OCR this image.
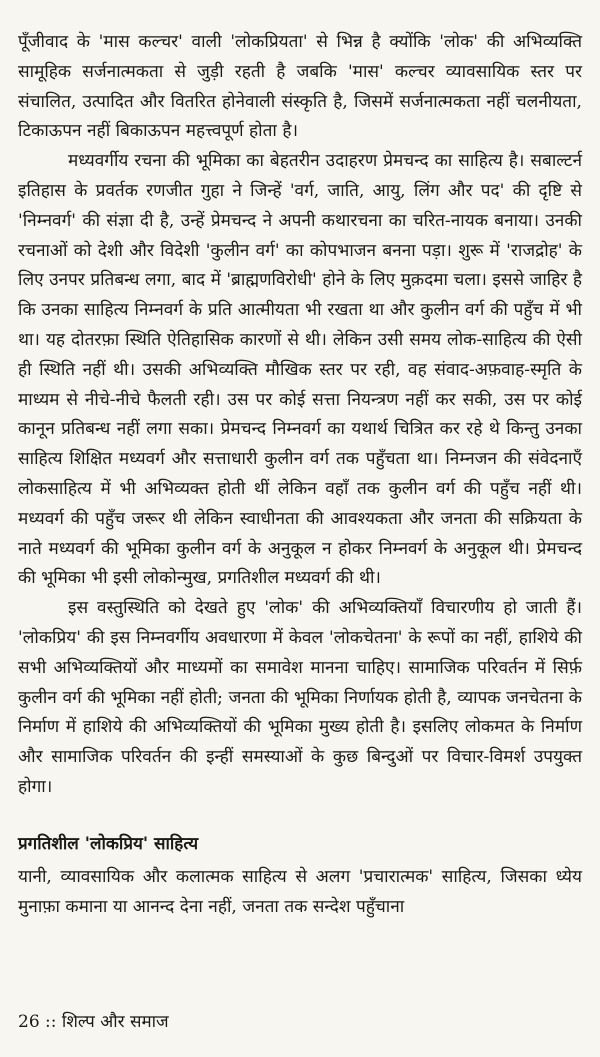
पूँजीवाद के 'मास कल्चर' वाली 'लोकप्रियता' से भिन्न है क्योंकि 'लोक' की अभिव्यक्ति सामूहिक सर्जनात्मकता से जुड़ी रहती है जबकि 'मास' कल्चर व्यावसायिक स्तर पर संचालित, उत्पादित और वितरित होनेवाली संस्कृति है, जिसमें सर्जनात्मकता नहीं चलनीयता, टिकाऊपन नहीं बिकाऊपन महत्त्वपूर्ण होता है।

मध्यवर्गीय रचना की भूमिका का बेहतरीन उदाहरण प्रेमचन्द का साहित्य है। सबाल्टर्न इतिहास के प्रवर्तक रणजीत गुहा ने जिन्हें 'वर्ग, जाति, आयु, लिंग और पद' की दृष्टि से 'निम्नवर्ग' की संज्ञा दी है, उन्हें प्रेमचन्द ने अपनी कथारचना का चरित-नायक बनाया। उनकी रचनाओं को देशी और विदेशी 'कुलीन वर्ग' का कोपभाजन बनना पड़ा। शुरू में 'राजद्रोह' के लिए उनपर प्रतिबन्ध लगा, बाद में 'ब्राह्मणविरोधी' होने के लिए मुक़दमा चला। इससे जाहिर है कि उनका साहित्य निम्नवर्ग के प्रति आत्मीयता भी रखता था और कुलीन वर्ग की पहुँच में भी था। यह दोतरफ़ा स्थिति ऐतिहासिक कारणों से थी। लेकिन उसी समय लोक-साहित्य की ऐसी ही स्थिति नहीं थी। उसकी अभिव्यक्ति मौखिक स्तर पर रही, वह संवाद-अफ़वाह-स्मृति के माध्यम से नीचे-नीचे फैलती रही। उस पर कोई सत्ता नियन्त्रण नहीं कर सकी, उस पर कोई कानून प्रतिबन्ध नहीं लगा सका। प्रेमचन्द निम्नवर्ग का यथार्थ चित्रित कर रहे थे किन्तु उनका साहित्य शिक्षित मध्यवर्ग और सत्ताधारी कुलीन वर्ग तक पहुँचता था। निम्नजन की संवेदनाएँ लोकसाहित्य में भी अभिव्यक्त होती थीं लेकिन वहाँ तक कुलीन वर्ग की पहुँच नहीं थी। मध्यवर्ग की पहुँच जरूर थी लेकिन स्वाधीनता की आवश्यकता और जनता की सक्रियता के नाते मध्यवर्ग की भूमिका कुलीन वर्ग के अनुकूल न होकर निम्नवर्ग के अनुकूल थी। प्रेमचन्द की भूमिका भी इसी लोकोन्मुख, प्रगतिशील मध्यवर्ग की थी।

इस वस्तुस्थिति को देखते हुए 'लोक' की अभिव्यक्तियाँ विचारणीय हो जाती हैं। 'लोकप्रिय' की इस निम्नवर्गीय अवधारणा में केवल 'लोकचेतना' के रूपों का नहीं, हाशिये की सभी अभिव्यक्तियों और माध्यमों का समावेश मानना चाहिए। सामाजिक परिवर्तन में सिर्फ़ कुलीन वर्ग की भूमिका नहीं होती; जनता की भूमिका निर्णायक होती है, व्यापक जनचेतना के निर्माण में हाशिये की अभिव्यक्तियों की भूमिका मुख्य होती है। इसलिए लोकमत के निर्माण और सामाजिक परिवर्तन की इन्हीं समस्याओं के कुछ बिन्दुओं पर विचार-विमर्श उपयुक्त होगा।

प्रगतिशील 'लोकप्रिय' साहित्य

यानी, व्यावसायिक और कलात्मक साहित्य से अलग 'प्रचारात्मक' साहित्य, जिसका ध्येय मुनाफ़ा कमाना या आनन्द देना नहीं, जनता तक सन्देश पहुँचाना

26 :: शिल्प और समाज
